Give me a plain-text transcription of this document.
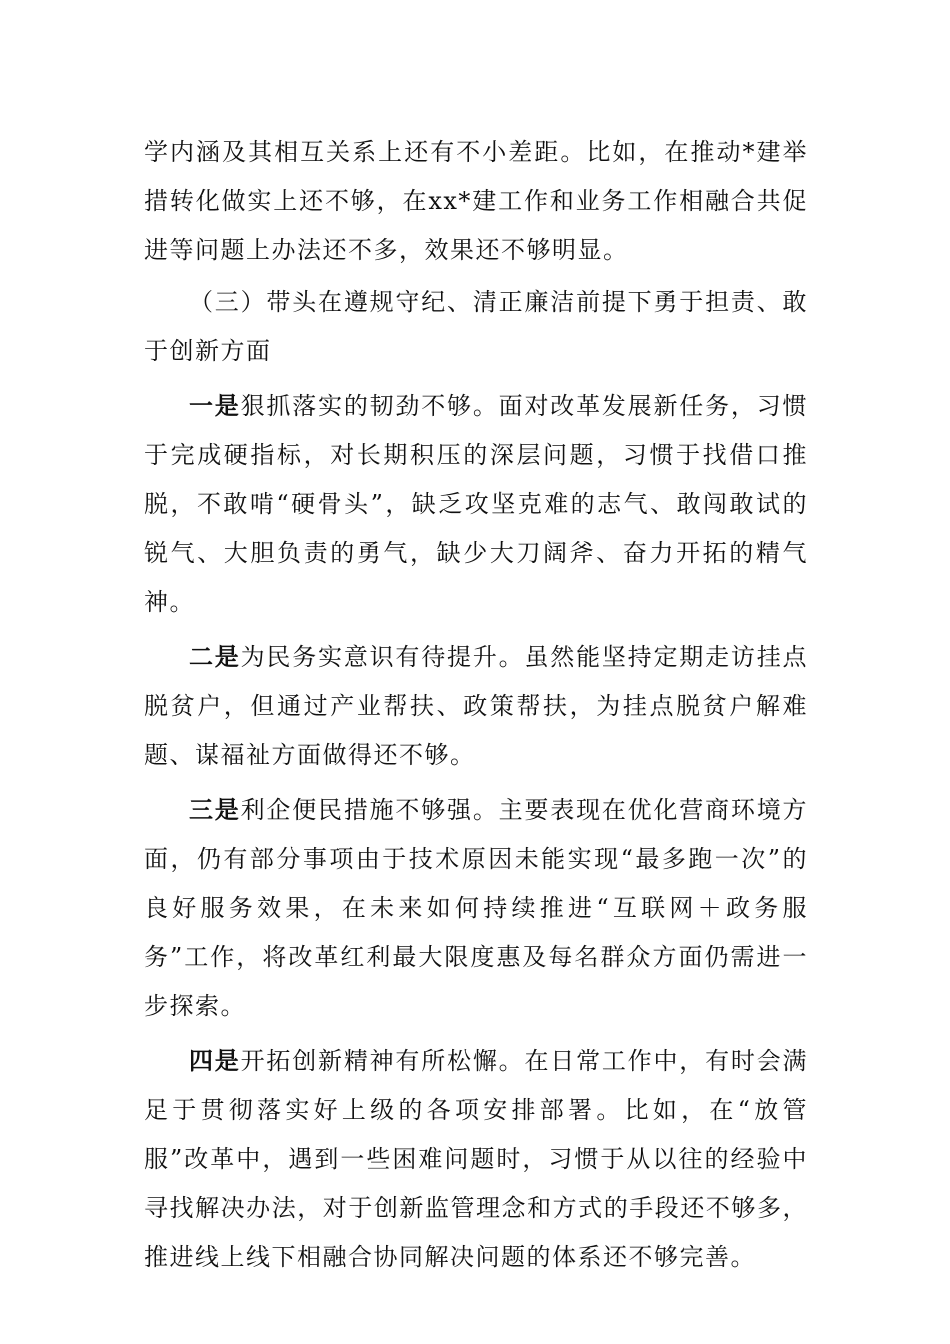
学内涵及其相互关系上还有不小差距。比如，在推动*建举措转化做实上还不够，在xx*建工作和业务工作相融合共促进等问题上办法还不多，效果还不够明显。

（三）带头在遵规守纪、清正廉洁前提下勇于担责、敢于创新方面

一是狠抓落实的韧劲不够。面对改革发展新任务，习惯于完成硬指标，对长期积压的深层问题，习惯于找借口推脱，不敢啃“硬骨头”，缺乏攻坚克难的志气、敢闯敢试的锐气、大胆负责的勇气，缺少大刀阔斧、奋力开拓的精气神。

二是为民务实意识有待提升。虽然能坚持定期走访挂点脱贫户，但通过产业帮扶、政策帮扶，为挂点脱贫户解难题、谋福祉方面做得还不够。

三是利企便民措施不够强。主要表现在优化营商环境方面，仍有部分事项由于技术原因未能实现“最多跑一次”的良好服务效果，在未来如何持续推进“互联网＋政务服务”工作，将改革红利最大限度惠及每名群众方面仍需进一步探索。

四是开拓创新精神有所松懈。在日常工作中，有时会满足于贯彻落实好上级的各项安排部署。比如，在“放管服”改革中，遇到一些困难问题时，习惯于从以往的经验中寻找解决办法，对于创新监管理念和方式的手段还不够多，推进线上线下相融合协同解决问题的体系还不够完善。
